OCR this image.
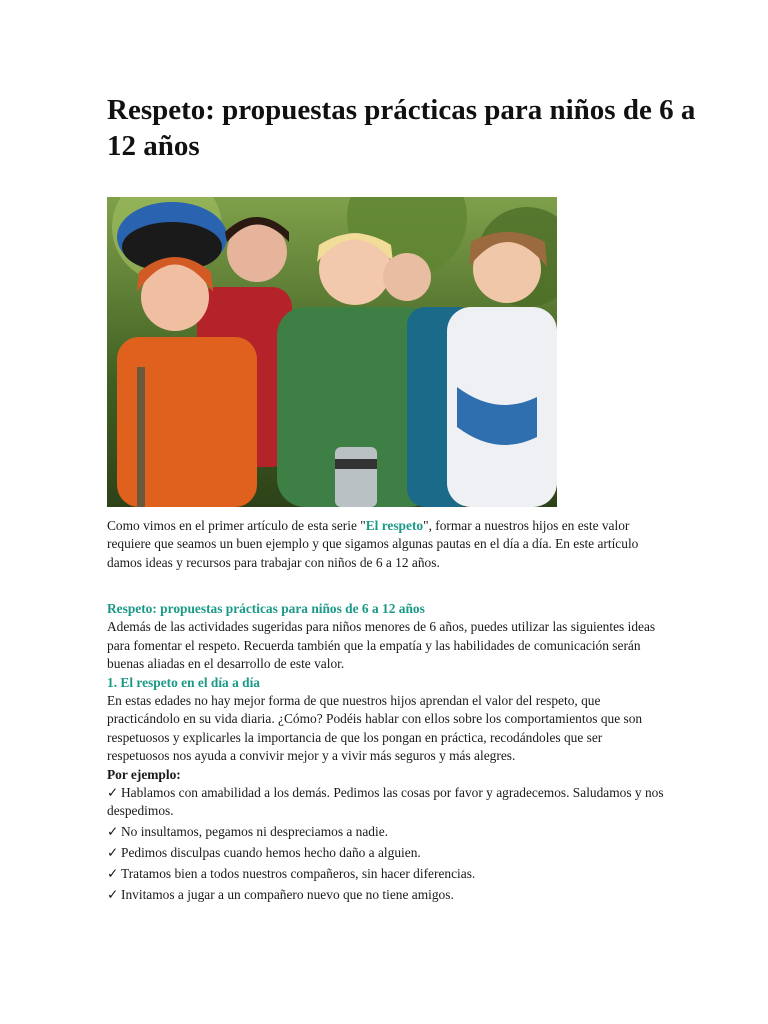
Respeto: propuestas prácticas para niños de 6 a 12 años

Como vimos en el primer artículo de esta serie "El respeto", formar a nuestros hijos en este valor requiere que seamos un buen ejemplo y que sigamos algunas pautas en el día a día. En este artículo damos ideas y recursos para trabajar con niños de 6 a 12 años.

Respeto: propuestas prácticas para niños de 6 a 12 años

Además de las actividades sugeridas para niños menores de 6 años, puedes utilizar las siguientes ideas para fomentar el respeto. Recuerda también que la empatía y las habilidades de comunicación serán buenas aliadas en el desarrollo de este valor.

1. El respeto en el día a día

En estas edades no hay mejor forma de que nuestros hijos aprendan el valor del respeto, que practicándolo en su vida diaria. ¿Cómo? Podéis hablar con ellos sobre los comportamientos que son respetuosos y explicarles la importancia de que los pongan en práctica, recodándoles que ser respetuosos nos ayuda a convivir mejor y a vivir más seguros y más alegres.

Por ejemplo:

✓ Hablamos con amabilidad a los demás. Pedimos las cosas por favor y agradecemos. Saludamos y nos despedimos.
✓ No insultamos, pegamos ni despreciamos a nadie.
✓ Pedimos disculpas cuando hemos hecho daño a alguien.
✓ Tratamos bien a todos nuestros compañeros, sin hacer diferencias.
✓ Invitamos a jugar a un compañero nuevo que no tiene amigos.
